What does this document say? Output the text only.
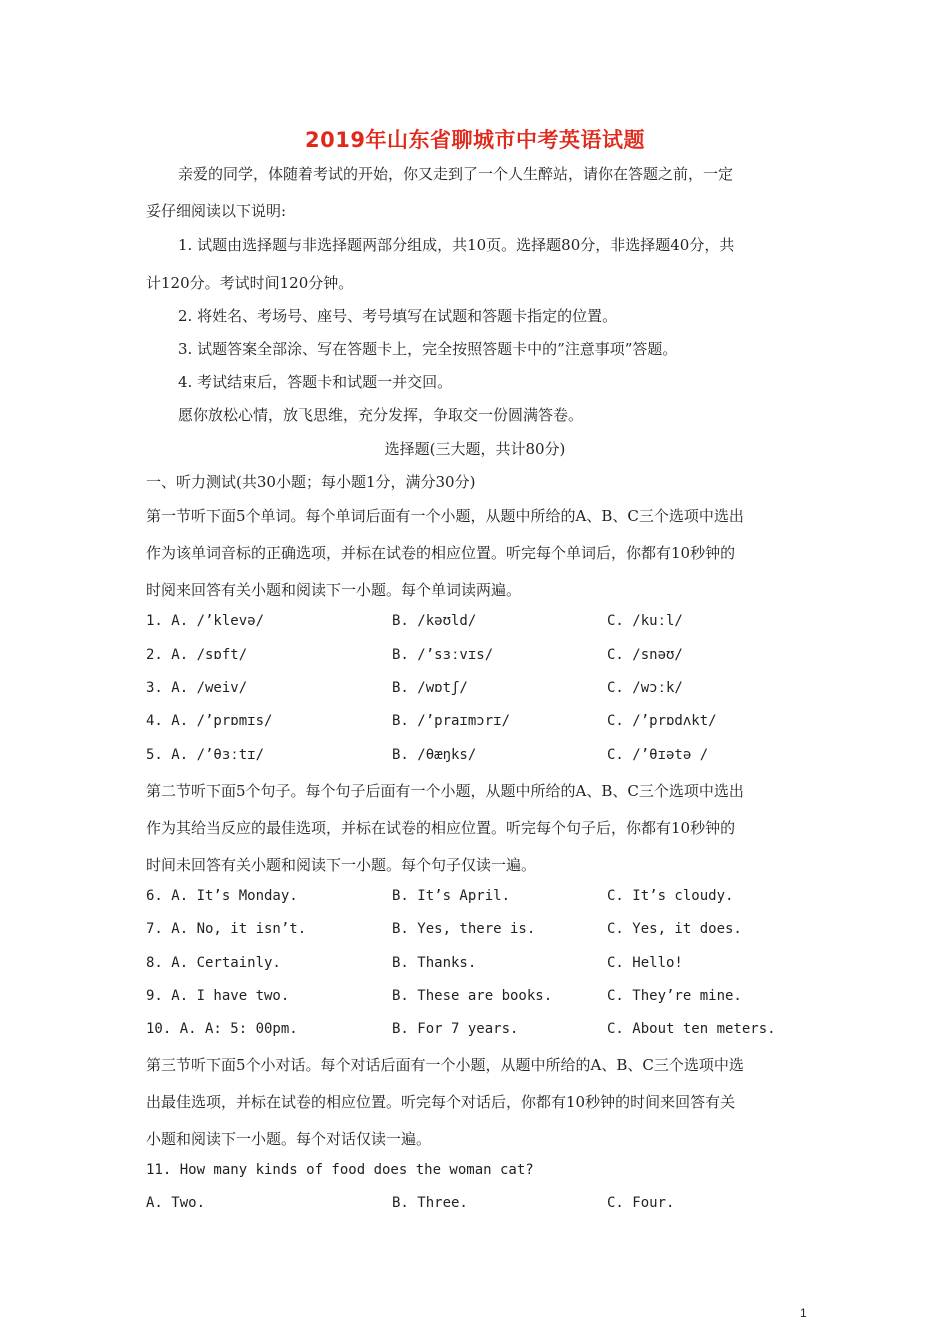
2019年山东省聊城市中考英语试题
亲爱的同学，体随着考试的开始，你又走到了一个人生醉站，请你在答题之前，一定
妥仔细阅读以下说明:
1. 试题由选择题与非选择题两部分组成，共10页。选择题80分，非选择题40分，共
计120分。考试时间120分钟。
2. 将姓名、考场号、座号、考号填写在试题和答题卡指定的位置。
3. 试题答案全部涂、写在答题卡上，完全按照答题卡中的”注意事项”答题。
4. 考试结束后，答题卡和试题一并交回。
愿你放松心情，放飞思维，充分发挥，争取交一份圆满答卷。
选择题(三大题，共计80分)
一、听力测试(共30小题；每小题1分，满分30分)
第一节听下面5个单词。每个单词后面有一个小题，从题中所给的A、B、C三个选项中选出
作为该单词音标的正确选项，并标在试卷的相应位置。听完每个单词后，你都有10秒钟的
时阅来回答有关小题和阅读下一小题。每个单词读两遍。
1. A. /’klevə/	B. /kəʊld/	C. /kuːl/
2. A. /sɒft/	B. /’sɜːvɪs/	C. /snəʊ/
3. A. /weiv/	B. /wɒtʃ/	C. /wɔːk/
4. A. /’prɒmɪs/	B. /’praɪmɔrɪ/	C. /’prɒdʌkt/
5. A. /’θɜːtɪ/	B. /θæŋks/	C. /’θɪətə /
第二节听下面5个句子。每个句子后面有一个小题，从题中所给的A、B、C三个选项中选出
作为其给当反应的最佳选项，并标在试卷的相应位置。听完每个句子后，你都有10秒钟的
时间未回答有关小题和阅读下一小题。每个句子仅读一遍。
6. A. It’s Monday.	B. It’s April.	C. It’s cloudy.
7. A. No, it isn’t.	B. Yes, there is.	C. Yes, it does.
8. A. Certainly.	B. Thanks.	C. Hello!
9. A. I have two.	B. These are books.	C. They’re mine.
10. A. A: 5: 00pm.	B. For 7 years.	C. About ten meters.
第三节听下面5个小对话。每个对话后面有一个小题，从题中所给的A、B、C三个选项中选
出最佳选项，并标在试卷的相应位置。听完每个对话后，你都有10秒钟的时间来回答有关
小题和阅读下一小题。每个对话仅读一遍。
11. How many kinds of food does the woman cat?
A. Two.	B. Three.	C. Four.
1
